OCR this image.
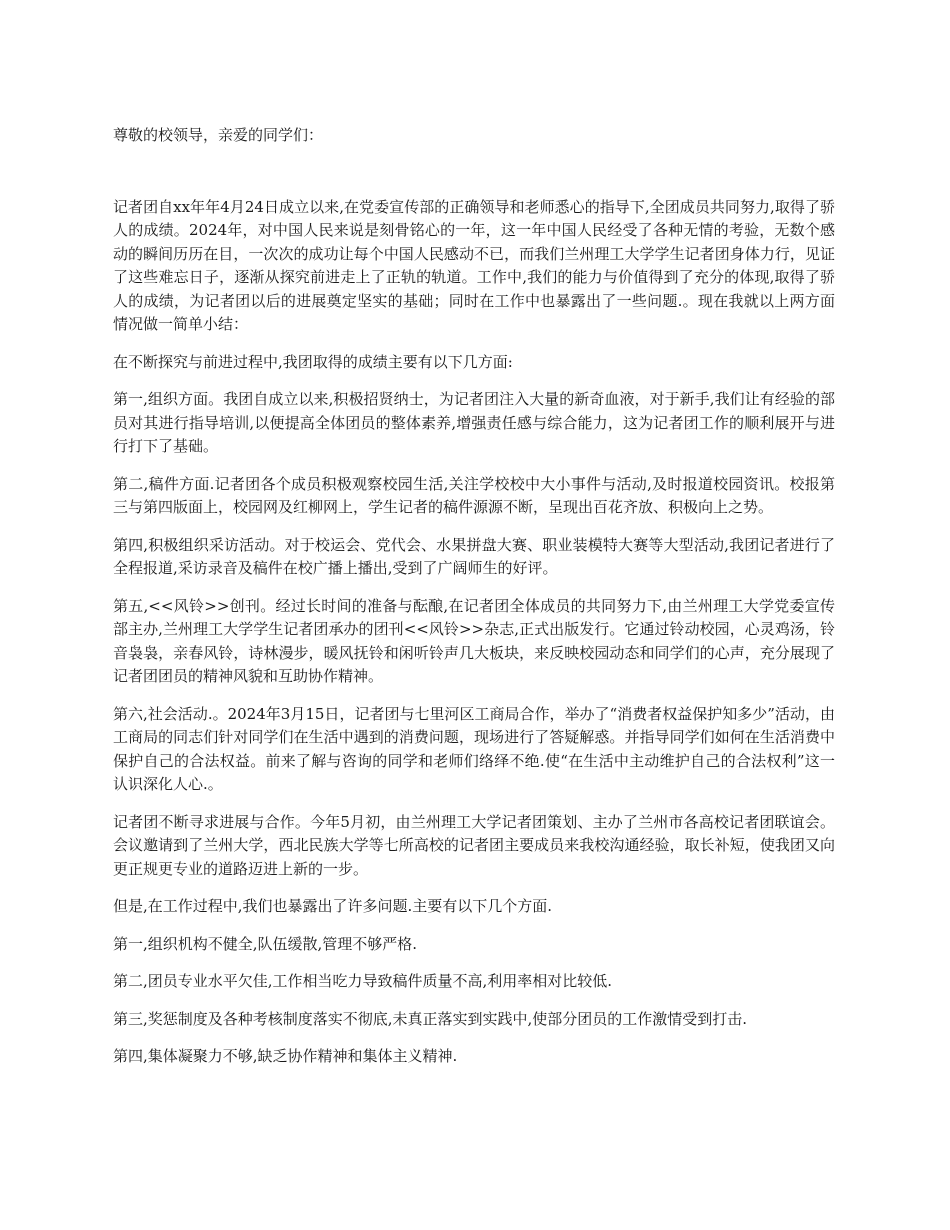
尊敬的校领导，亲爱的同学们：

记者团自xx年年4月24日成立以来,在党委宣传部的正确领导和老师悉心的指导下,全团成员共同努力,取得了骄人的成绩。2024年，对中国人民来说是刻骨铭心的一年，这一年中国人民经受了各种无情的考验，无数个感动的瞬间历历在目，一次次的成功让每个中国人民感动不已，而我们兰州理工大学学生记者团身体力行，见证了这些难忘日子，逐渐从探究前进走上了正轨的轨道。工作中,我们的能力与价值得到了充分的体现,取得了骄人的成绩，为记者团以后的进展奠定坚实的基础；同时在工作中也暴露出了一些问题.。现在我就以上两方面情况做一简单小结：

在不断探究与前进过程中,我团取得的成绩主要有以下几方面:

第一,组织方面。我团自成立以来,积极招贤纳士，为记者团注入大量的新奇血液，对于新手,我们让有经验的部员对其进行指导培训,以便提高全体团员的整体素养,增强责任感与综合能力，这为记者团工作的顺利展开与进行打下了基础。

第二,稿件方面.记者团各个成员积极观察校园生活,关注学校校中大小事件与活动,及时报道校园资讯。校报第三与第四版面上，校园网及红柳网上，学生记者的稿件源源不断，呈现出百花齐放、积极向上之势。

第四,积极组织采访活动。对于校运会、党代会、水果拼盘大赛、职业装模特大赛等大型活动,我团记者进行了全程报道,采访录音及稿件在校广播上播出,受到了广阔师生的好评。

第五,<<风铃>>创刊。经过长时间的准备与酝酿,在记者团全体成员的共同努力下,由兰州理工大学党委宣传部主办,兰州理工大学学生记者团承办的团刊<<风铃>>杂志,正式出版发行。它通过铃动校园，心灵鸡汤，铃音袅袅，亲春风铃，诗林漫步，暖风抚铃和闲听铃声几大板块，来反映校园动态和同学们的心声，充分展现了记者团团员的精神风貌和互助协作精神。

第六,社会活动.。2024年3月15日，记者团与七里河区工商局合作，举办了“消费者权益保护知多少”活动，由工商局的同志们针对同学们在生活中遇到的消费问题，现场进行了答疑解惑。并指导同学们如何在生活消费中保护自己的合法权益。前来了解与咨询的同学和老师们络绎不绝.使“在生活中主动维护自己的合法权利”这一认识深化人心.。

记者团不断寻求进展与合作。今年5月初，由兰州理工大学记者团策划、主办了兰州市各高校记者团联谊会。会议邀请到了兰州大学，西北民族大学等七所高校的记者团主要成员来我校沟通经验，取长补短，使我团又向更正规更专业的道路迈进上新的一步。

但是,在工作过程中,我们也暴露出了许多问题.主要有以下几个方面.

第一,组织机构不健全,队伍缓散,管理不够严格.

第二,团员专业水平欠佳,工作相当吃力导致稿件质量不高,利用率相对比较低.

第三,奖惩制度及各种考核制度落实不彻底,未真正落实到实践中,使部分团员的工作激情受到打击.

第四,集体凝聚力不够,缺乏协作精神和集体主义精神.
